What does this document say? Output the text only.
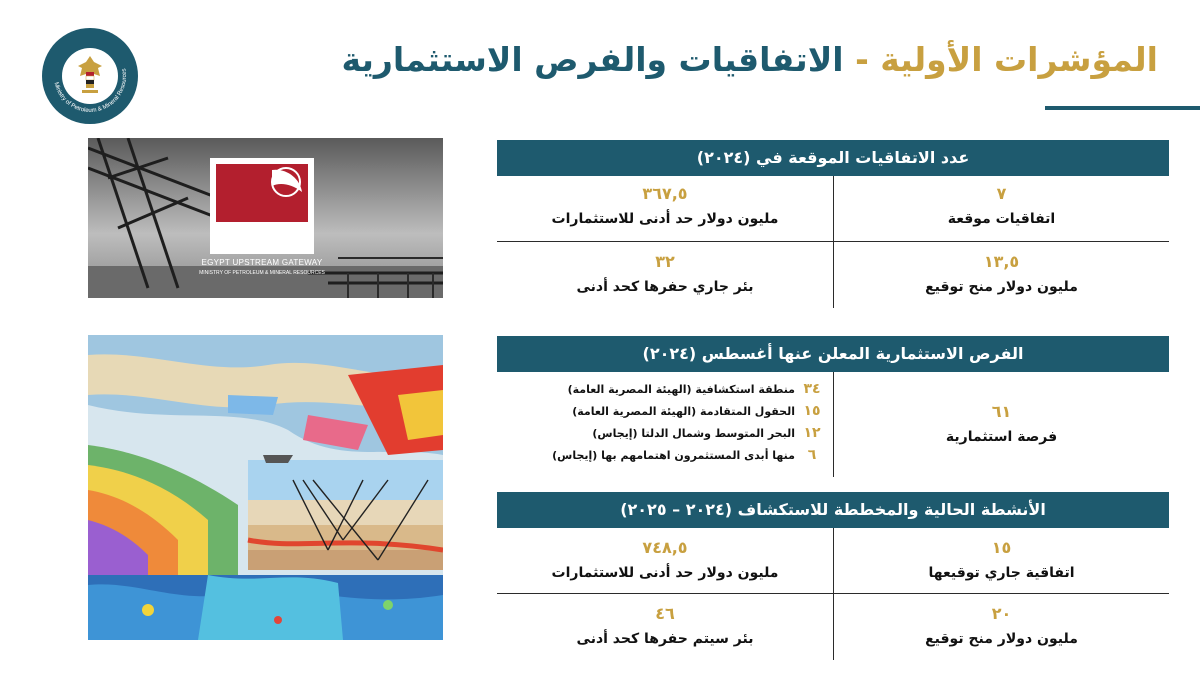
Ministry of Petroleum & Mineral Resources	المؤشرات الأولية - الاتفاقيات والفرص الاستثمارية
EUG
EGYPT UPSTREAM GATEWAY
MINISTRY OF PETROLEUM & MINERAL RESOURCES
عدد الاتفاقيات الموقعة في (٢٠٢٤)
٧
اتفاقيات موقعة
٣٦٧,٥
مليون دولار حد أدنى للاستثمارات
١٣,٥
مليون دولار منح توقيع
٣٢
بئر جاري حفرها كحد أدنى
الفرص الاستثمارية المعلن عنها أغسطس (٢٠٢٤)
٦١
فرصة استثمارية
٣٤
منطقة استكشافية (الهيئة المصرية العامة)
١٥
الحقول المتقادمة (الهيئة المصرية العامة)
١٢
البحر المتوسط وشمال الدلتا (إيجاس)
٦
منها أبدى المستثمرون اهتمامهم بها (إيجاس)
الأنشطة الحالية والمخططة للاستكشاف (٢٠٢٤ – ٢٠٢٥)
١٥
اتفاقية جاري توقيعها
٧٤٨,٥
مليون دولار حد أدنى للاستثمارات
٢٠
مليون دولار منح توقيع
٤٦
بئر سيتم حفرها كحد أدنى
